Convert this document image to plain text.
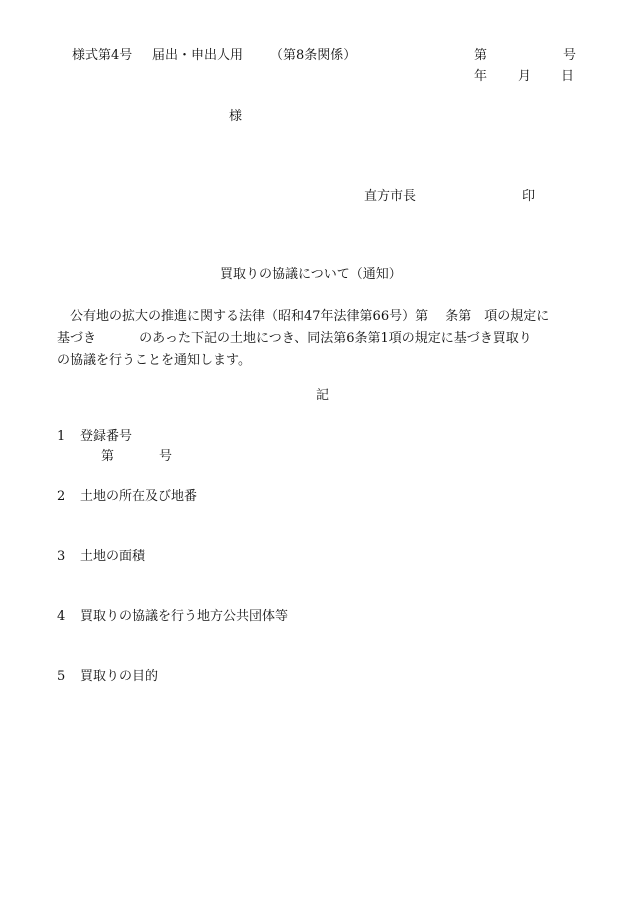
様式第4号 届出・申出人用 （第8条関係）	第	号
年 月 日
様
直方市長	印
買取りの協議について（通知）
　公有地の拡大の推進に関する法律（昭和47年法律第66号）第　 条第　項の規定に
基づき　　　 のあった下記の土地につき、同法第6条第1項の規定に基づき買取り
の協議を行うことを通知します。
記
1 登録番号
第	号
2 土地の所在及び地番
3 土地の面積
4 買取りの協議を行う地方公共団体等
5 買取りの目的
